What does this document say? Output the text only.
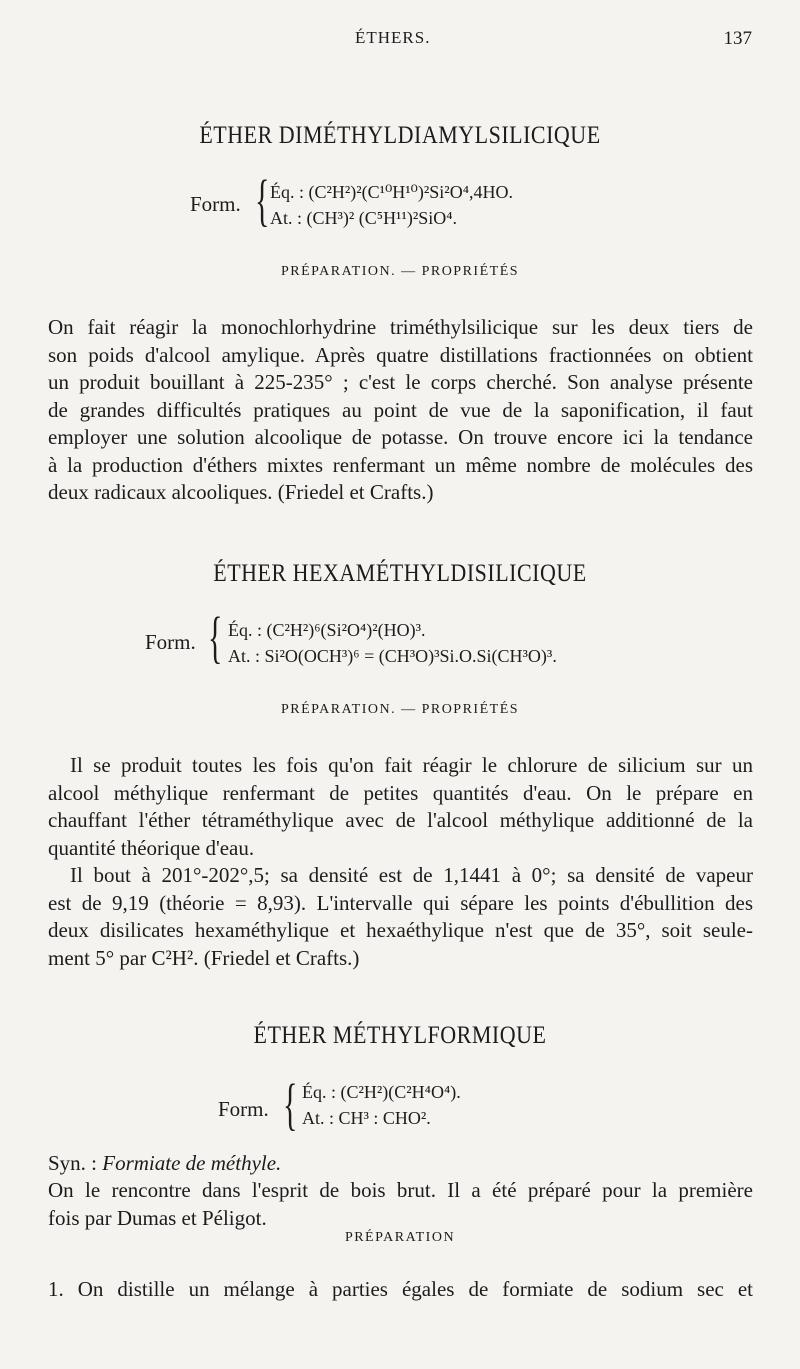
ÉTHERS.	137
ÉTHER DIMÉTHYLDIAMYLSILICIQUE
Form. { Éq. : (C²H²)²(C¹⁰H¹⁰)²Si²O⁴,4HO.
At. : (CH³)² (C⁵H¹¹)²SiO⁴.
PRÉPARATION. — PROPRIÉTÉS
On fait réagir la monochlorhydrine triméthylsilicique sur les deux tiers de
son poids d'alcool amylique. Après quatre distillations fractionnées on obtient
un produit bouillant à 225-235° ; c'est le corps cherché. Son analyse présente
de grandes difficultés pratiques au point de vue de la saponification, il faut
employer une solution alcoolique de potasse. On trouve encore ici la tendance
à la production d'éthers mixtes renfermant un même nombre de molécules des
deux radicaux alcooliques. (Friedel et Crafts.)
ÉTHER HEXAMÉTHYLDISILICIQUE
Form. { Éq. : (C²H²)⁶(Si²O⁴)²(HO)³.
At. : Si²O(OCH³)⁶ = (CH³O)³Si.O.Si(CH³O)³.
PRÉPARATION. — PROPRIÉTÉS
Il se produit toutes les fois qu'on fait réagir le chlorure de silicium sur un
alcool méthylique renfermant de petites quantités d'eau. On le prépare en
chauffant l'éther tétraméthylique avec de l'alcool méthylique additionné de la
quantité théorique d'eau.
Il bout à 201°-202°,5; sa densité est de 1,1441 à 0°; sa densité de vapeur
est de 9,19 (théorie = 8,93). L'intervalle qui sépare les points d'ébullition des
deux disilicates hexaméthylique et hexaéthylique n'est que de 35°, soit seule-
ment 5° par C²H². (Friedel et Crafts.)
ÉTHER MÉTHYLFORMIQUE
Form. { Éq. : (C²H²)(C²H⁴O⁴).
At. : CH³ : CHO².
Syn. : Formiate de méthyle.
On le rencontre dans l'esprit de bois brut. Il a été préparé pour la première
fois par Dumas et Péligot.
PRÉPARATION
1. On distille un mélange à parties égales de formiate de sodium sec et
